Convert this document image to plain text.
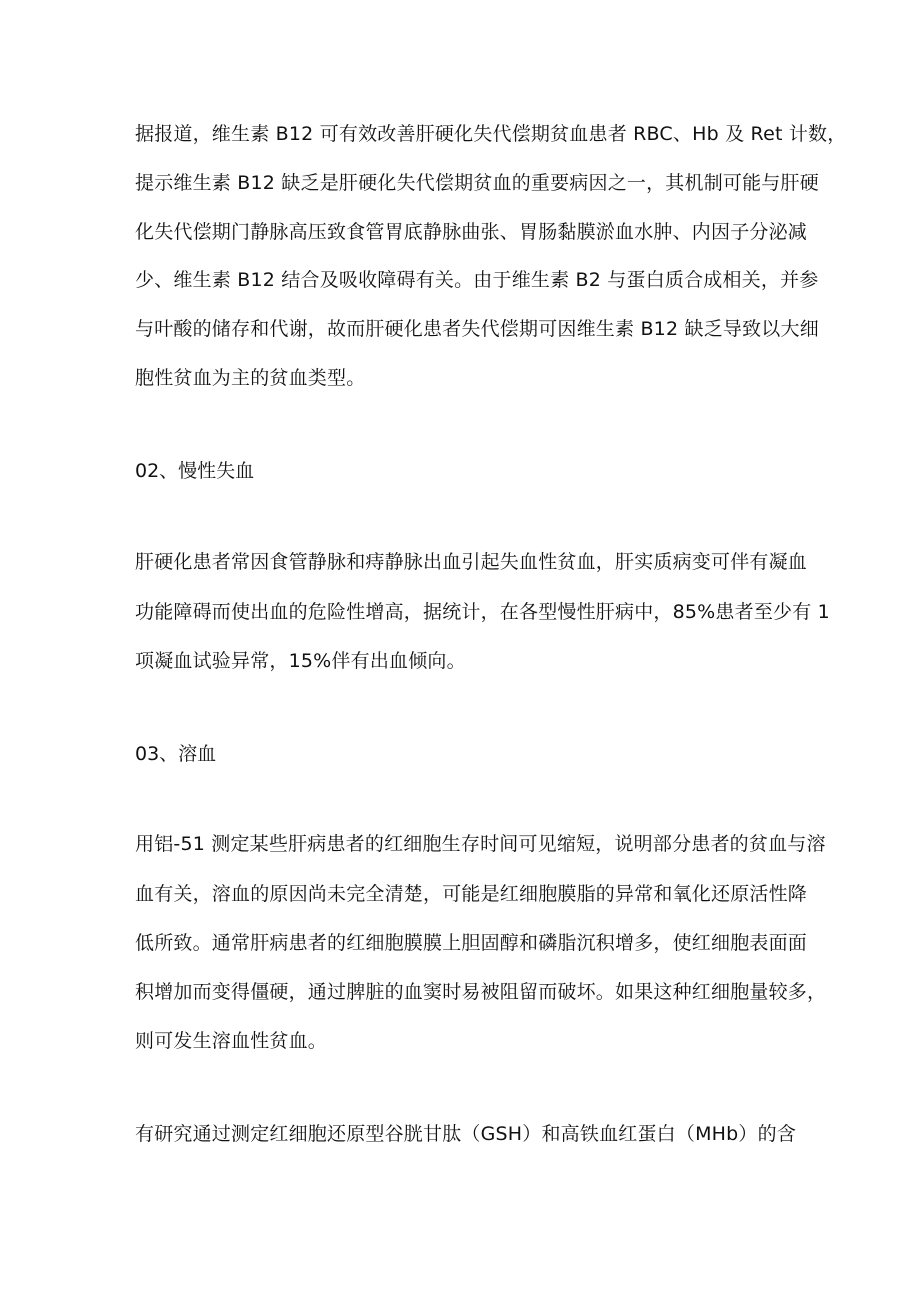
据报道，维生素 B12 可有效改善肝硬化失代偿期贫血患者 RBC、Hb 及 Ret 计数，
提示维生素 B12 缺乏是肝硬化失代偿期贫血的重要病因之一，其机制可能与肝硬
化失代偿期门静脉高压致食管胃底静脉曲张、胃肠黏膜淤血水肿、内因子分泌减
少、维生素 B12 结合及吸收障碍有关。由于维生素 B2 与蛋白质合成相关，并参
与叶酸的储存和代谢，故而肝硬化患者失代偿期可因维生素 B12 缺乏导致以大细
胞性贫血为主的贫血类型。
02、慢性失血
肝硬化患者常因食管静脉和痔静脉出血引起失血性贫血，肝实质病变可伴有凝血
功能障碍而使出血的危险性增高，据统计，在各型慢性肝病中，85%患者至少有 1
项凝血试验异常，15%伴有出血倾向。
03、溶血
用铝-51 测定某些肝病患者的红细胞生存时间可见缩短，说明部分患者的贫血与溶
血有关，溶血的原因尚未完全清楚，可能是红细胞膜脂的异常和氧化还原活性降
低所致。通常肝病患者的红细胞膜膜上胆固醇和磷脂沉积增多，使红细胞表面面
积增加而变得僵硬，通过脾脏的血窦时易被阻留而破坏。如果这种红细胞量较多，
则可发生溶血性贫血。
有研究通过测定红细胞还原型谷胱甘肽（GSH）和高铁血红蛋白（MHb）的含
